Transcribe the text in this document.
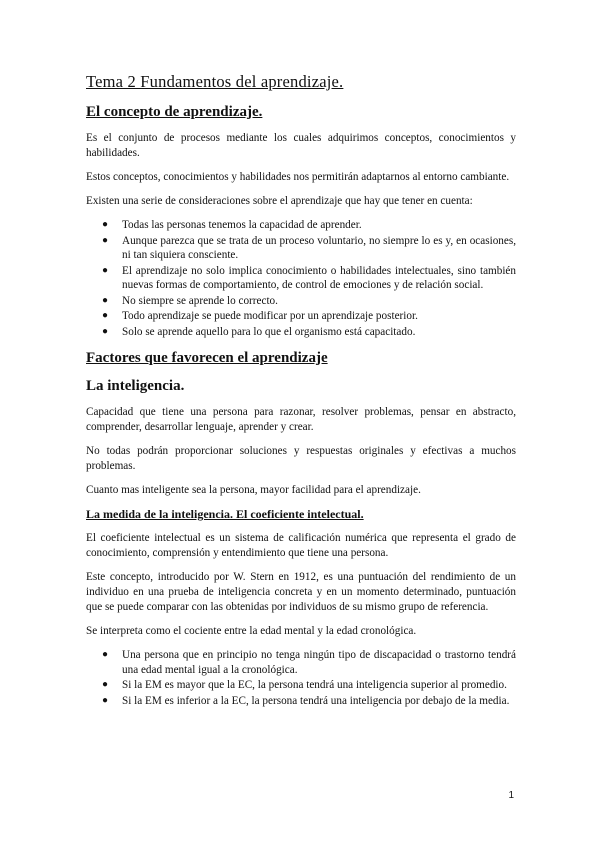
Tema 2 Fundamentos del aprendizaje.
El concepto de aprendizaje.

Es el conjunto de procesos mediante los cuales adquirimos conceptos, conocimientos y habilidades.

Estos conceptos, conocimientos y habilidades nos permitirán adaptarnos al entorno cambiante.

Existen una serie de consideraciones sobre el aprendizaje que hay que tener en cuenta:

● Todas las personas tenemos la capacidad de aprender.
● Aunque parezca que se trata de un proceso voluntario, no siempre lo es y, en ocasiones, ni tan siquiera consciente.
● El aprendizaje no solo implica conocimiento o habilidades intelectuales, sino también nuevas formas de comportamiento, de control de emociones y de relación social.
● No siempre se aprende lo correcto.
● Todo aprendizaje se puede modificar por un aprendizaje posterior.
● Solo se aprende aquello para lo que el organismo está capacitado.
Factores que favorecen el aprendizaje
La inteligencia.

Capacidad que tiene una persona para razonar, resolver problemas, pensar en abstracto, comprender, desarrollar lenguaje, aprender y crear.

No todas podrán proporcionar soluciones y respuestas originales y efectivas a muchos problemas.

Cuanto mas inteligente sea la persona, mayor facilidad para el aprendizaje.

La medida de la inteligencia. El coeficiente intelectual.

El coeficiente intelectual es un sistema de calificación numérica que representa el grado de conocimiento, comprensión y entendimiento que tiene una persona.

Este concepto, introducido por W. Stern en 1912, es una puntuación del rendimiento de un individuo en una prueba de inteligencia concreta y en un momento determinado, puntuación que se puede comparar con las obtenidas por individuos de su mismo grupo de referencia.

Se interpreta como el cociente entre la edad mental y la edad cronológica.

● Una persona que en principio no tenga ningún tipo de discapacidad o trastorno tendrá una edad mental igual a la cronológica.
● Si la EM es mayor que la EC, la persona tendrá una inteligencia superior al promedio.
● Si la EM es inferior a la EC, la persona tendrá una inteligencia por debajo de la media.
1
